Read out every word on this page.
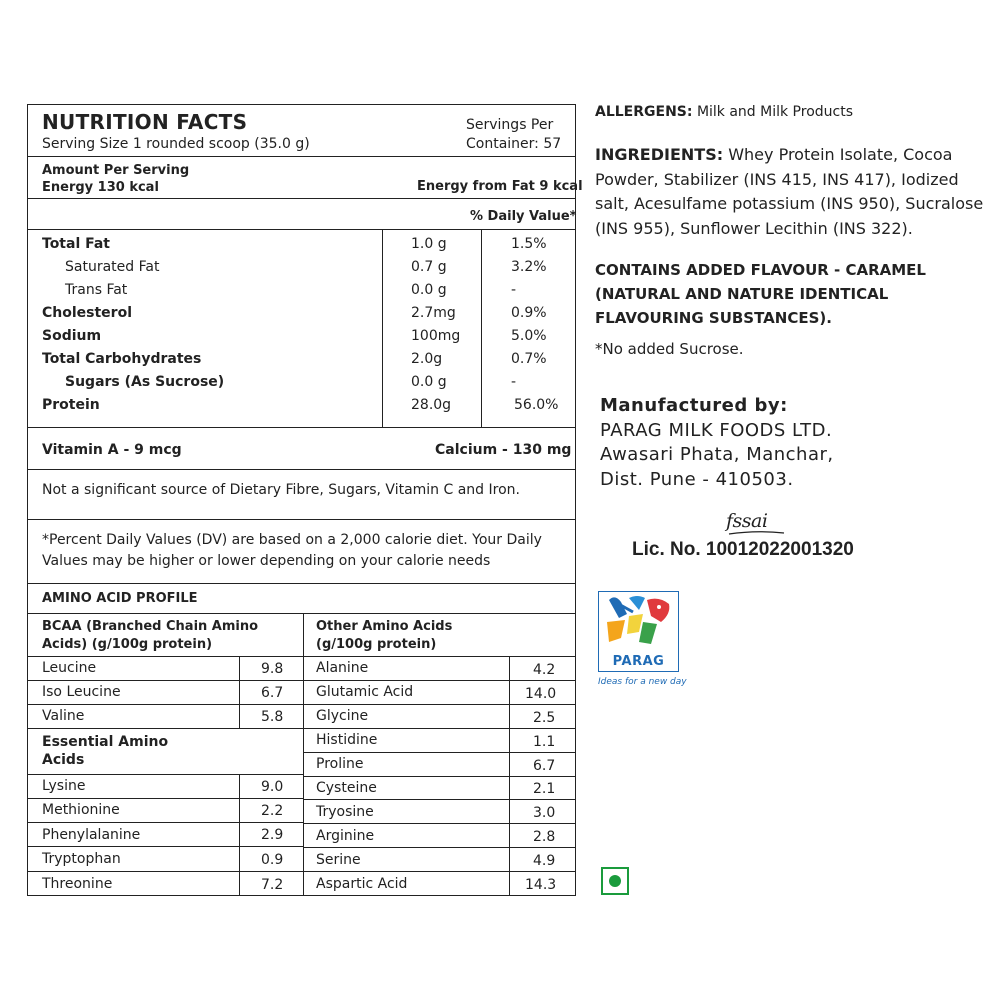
NUTRITION FACTS
Serving Size 1 rounded scoop (35.0 g)
Servings Per
Container: 57
Amount Per Serving
Energy 130 kcal	Energy from Fat 9 kcal
% Daily Value*
Total Fat	1.0 g	1.5%
Saturated Fat	0.7 g	3.2%
Trans Fat	0.0 g	-
Cholesterol	2.7mg	0.9%
Sodium	100mg	5.0%
Total Carbohydrates	2.0g	0.7%
Sugars (As Sucrose)	0.0 g	-
Protein	28.0g	56.0%
Vitamin A - 9 mcg	Calcium - 130 mg
Not a significant source of Dietary Fibre, Sugars, Vitamin C and Iron.
*Percent Daily Values (DV) are based on a 2,000 calorie diet. Your Daily
Values may be higher or lower depending on your calorie needs
AMINO ACID PROFILE
BCAA (Branched Chain Amino
Acids) (g/100g protein)
Other Amino Acids
(g/100g protein)
Leucine	9.8
Iso Leucine	6.7
Valine	5.8
Essential Amino
Acids
Lysine	9.0
Methionine	2.2
Phenylalanine	2.9
Tryptophan	0.9
Threonine	7.2
Alanine	4.2
Glutamic Acid	14.0
Glycine	2.5
Histidine	1.1
Proline	6.7
Cysteine	2.1
Tryosine	3.0
Arginine	2.8
Serine	4.9
Aspartic Acid	14.3
ALLERGENS: Milk and Milk Products
INGREDIENTS: Whey Protein Isolate, Cocoa
Powder, Stabilizer (INS 415, INS 417), Iodized
salt, Acesulfame potassium (INS 950), Sucralose
(INS 955), Sunflower Lecithin (INS 322).
CONTAINS ADDED FLAVOUR - CARAMEL
(NATURAL AND NATURE IDENTICAL
FLAVOURING SUBSTANCES).
*No added Sucrose.
Manufactured by:
PARAG MILK FOODS LTD.
Awasari Phata, Manchar,
Dist. Pune - 410503.
fssai
Lic. No. 10012022001320
PARAG
Ideas for a new day
